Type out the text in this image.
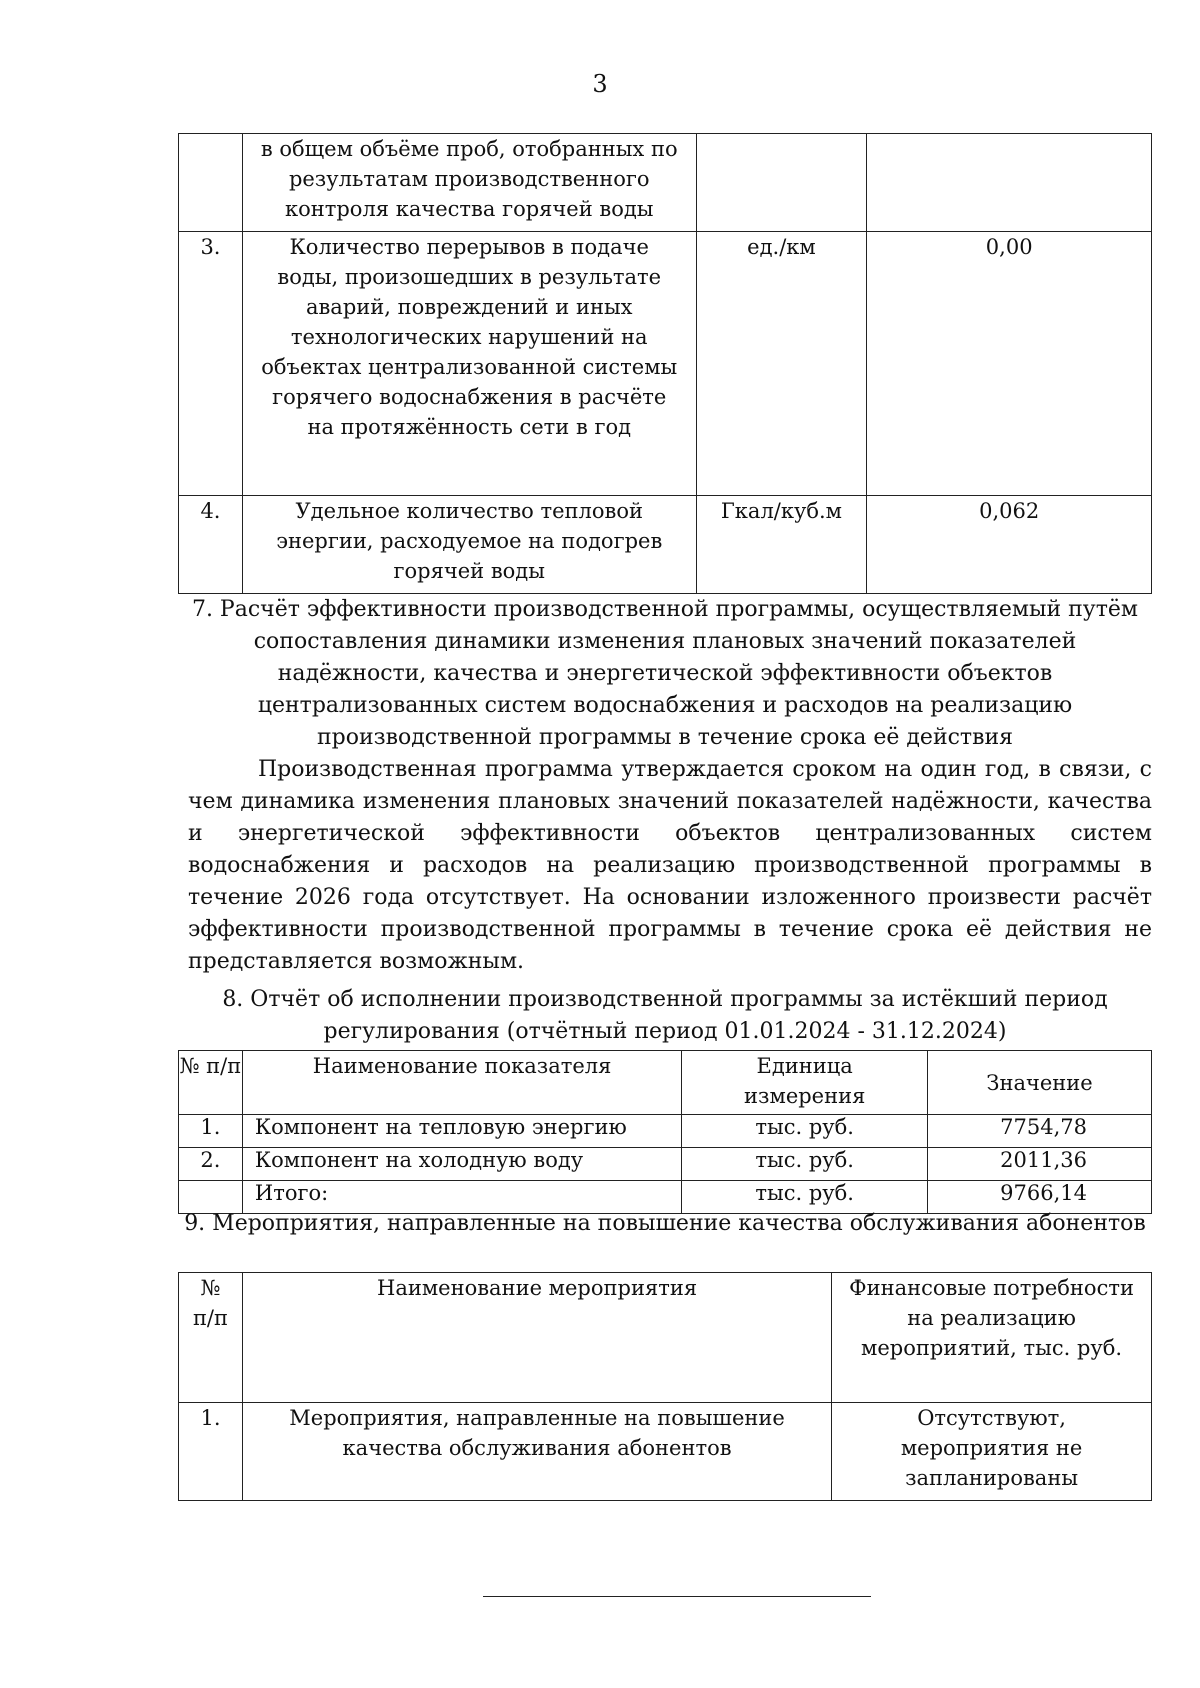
3
	в общем объёме проб, отобранных по результатам производственного контроля качества горячей воды		
3.	Количество перерывов в подаче воды, произошедших в результате аварий, повреждений и иных технологических нарушений на объектах централизованной системы горячего водоснабжения в расчёте на протяжённость сети в год	ед./км	0,00
4.	Удельное количество тепловой энергии, расходуемое на подогрев горячей воды	Гкал/куб.м	0,062
7. Расчёт эффективности производственной программы, осуществляемый путём сопоставления динамики изменения плановых значений показателей надёжности, качества и энергетической эффективности объектов централизованных систем водоснабжения и расходов на реализацию производственной программы в течение срока её действия
Производственная программа утверждается сроком на один год, в связи, с чем динамика изменения плановых значений показателей надёжности, качества и энергетической эффективности объектов централизованных систем водоснабжения и расходов на реализацию производственной программы в течение 2026 года отсутствует. На основании изложенного произвести расчёт эффективности производственной программы в течение срока её действия не представляется возможным.
8. Отчёт об исполнении производственной программы за истёкший период регулирования (отчётный период 01.01.2024 - 31.12.2024)
№ п/п	Наименование показателя	Единица измерения	Значение
1.	Компонент на тепловую энергию	тыс. руб.	7754,78
2.	Компонент на холодную воду	тыс. руб.	2011,36
	Итого:	тыс. руб.	9766,14
9. Мероприятия, направленные на повышение качества обслуживания абонентов
№ п/п	Наименование мероприятия	Финансовые потребности на реализацию мероприятий, тыс. руб.
1.	Мероприятия, направленные на повышение качества обслуживания абонентов	Отсутствуют, мероприятия не запланированы
